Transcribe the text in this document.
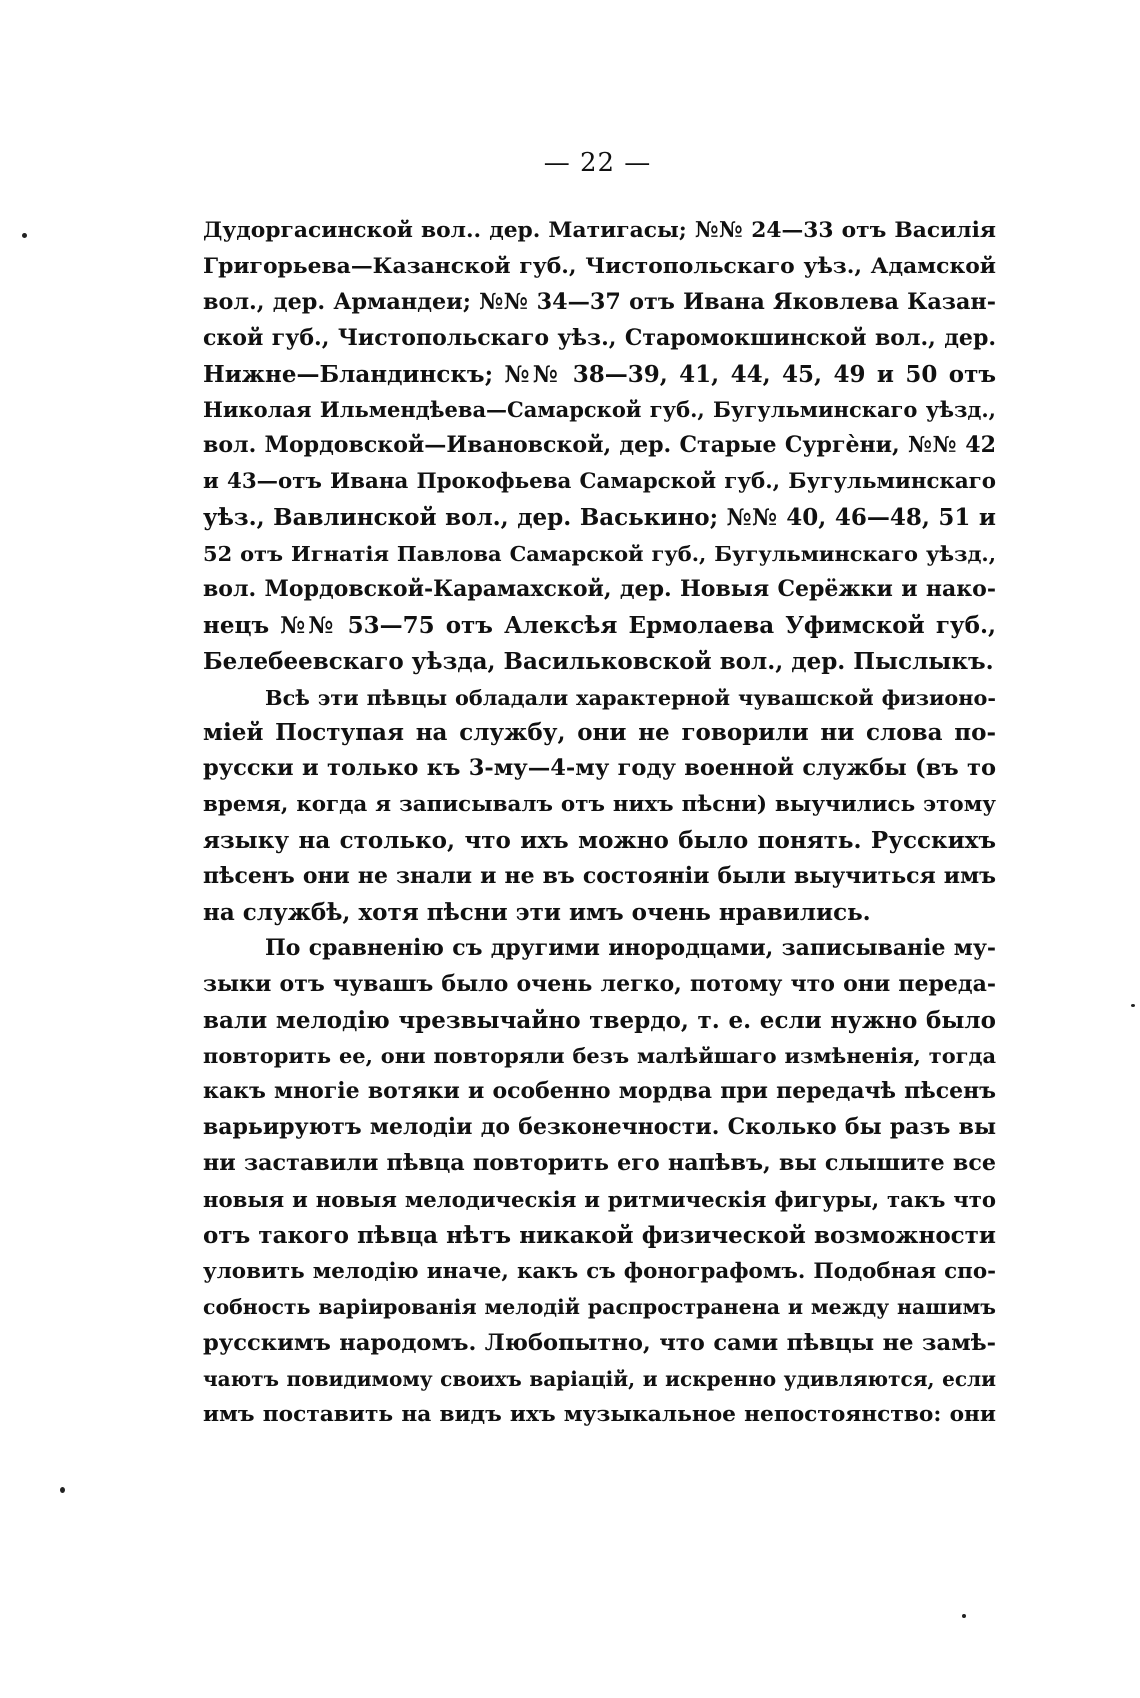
— 22 —
Дудоргасинской вол.. дер. Матигасы; №№ 24—33 отъ Василія
Григорьева—Казанской губ., Чистопольскаго уѣз., Адамской
вол., дер. Армандеи; №№ 34—37 отъ Ивана Яковлева Казан-
ской губ., Чистопольскаго уѣз., Старомокшинской вол., дер.
Нижне—Бландинскъ; №№ 38—39, 41, 44, 45, 49 и 50 отъ
Николая Ильмендѣева—Самарской губ., Бугульминскаго уѣзд.,
вол. Мордовской—Ивановской, дер. Старые Сургѐни, №№ 42
и 43—отъ Ивана Прокофьева Самарской губ., Бугульминскаго
уѣз., Вавлинской вол., дер. Васькино; №№ 40, 46—48, 51 и
52 отъ Игнатія Павлова Самарской губ., Бугульминскаго уѣзд.,
вол. Мордовской-Карамахской, дер. Новыя Серёжки и нако-
нецъ №№ 53—75 отъ Алексѣя Ермолаева Уфимской губ.,
Белебеевскаго уѣзда, Васильковской вол., дер. Пыслыкъ.
Всѣ эти пѣвцы обладали характерной чувашской физионо-
міей Поступая на службу, они не говорили ни слова по-
русски и только къ 3-му—4-му году военной службы (въ то
время, когда я записывалъ отъ нихъ пѣсни) выучились этому
языку на столько, что ихъ можно было понять. Русскихъ
пѣсенъ они не знали и не въ состояніи были выучиться имъ
на службѣ, хотя пѣсни эти имъ очень нравились.
По сравненію съ другими инородцами, записываніе му-
зыки отъ чувашъ было очень легко, потому что они переда-
вали мелодію чрезвычайно твердо, т. е. если нужно было
повторить ее, они повторяли безъ малѣйшаго измѣненія, тогда
какъ многіе вотяки и особенно мордва при передачѣ пѣсенъ
варьируютъ мелодіи до безконечности. Сколько бы разъ вы
ни заставили пѣвца повторить его напѣвъ, вы слышите все
новыя и новыя мелодическія и ритмическія фигуры, такъ что
отъ такого пѣвца нѣтъ никакой физической возможности
уловить мелодію иначе, какъ съ фонографомъ. Подобная спо-
собность варіированія мелодій распространена и между нашимъ
русскимъ народомъ. Любопытно, что сами пѣвцы не замѣ-
чаютъ повидимому своихъ варіацій, и искренно удивляются, если
имъ поставить на видъ ихъ музыкальное непостоянство: они
